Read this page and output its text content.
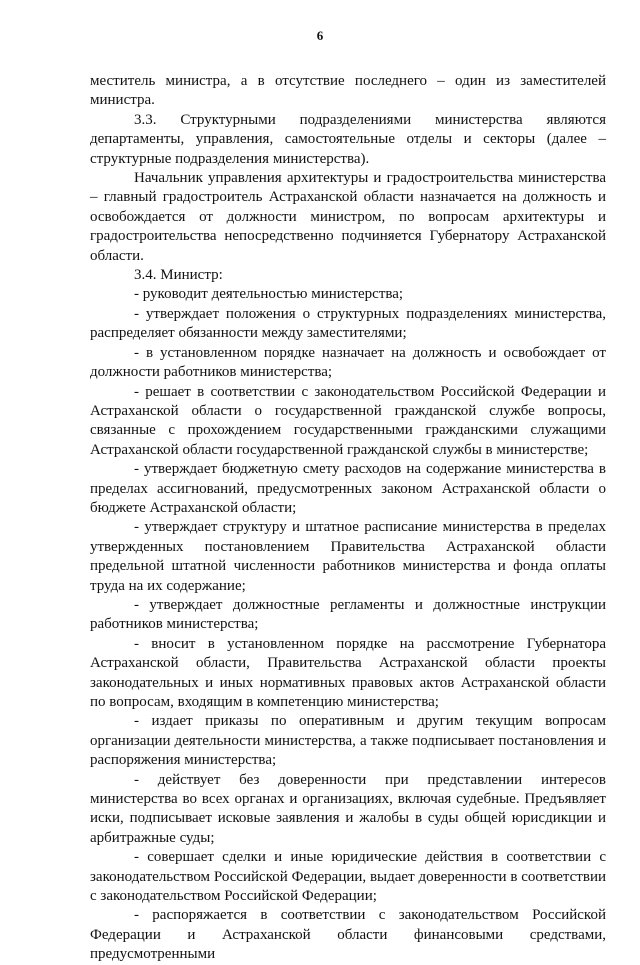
6

меститель министра, а в отсутствие последнего – один из заместителей министра.

3.3. Структурными подразделениями министерства являются департаменты, управления, самостоятельные отделы и секторы (далее – структурные подразделения министерства).

Начальник управления архитектуры и градостроительства министерства – главный градостроитель Астраханской области назначается на должность и освобождается от должности министром, по вопросам архитектуры и градостроительства непосредственно подчиняется Губернатору Астраханской области.

3.4. Министр:

- руководит деятельностью министерства;

- утверждает положения о структурных подразделениях министерства, распределяет обязанности между заместителями;

- в установленном порядке назначает на должность и освобождает от должности работников министерства;

- решает в соответствии с законодательством Российской Федерации и Астраханской области о государственной гражданской службе вопросы, связанные с прохождением государственными гражданскими служащими Астраханской области государственной гражданской службы в министерстве;

- утверждает бюджетную смету расходов на содержание министерства в пределах ассигнований, предусмотренных законом Астраханской области о бюджете Астраханской области;

- утверждает структуру и штатное расписание министерства в пределах утвержденных постановлением Правительства Астраханской области предельной штатной численности работников министерства и фонда оплаты труда на их содержание;

- утверждает должностные регламенты и должностные инструкции работников министерства;

- вносит в установленном порядке на рассмотрение Губернатора Астраханской области, Правительства Астраханской области проекты законодательных и иных нормативных правовых актов Астраханской области по вопросам, входящим в компетенцию министерства;

- издает приказы по оперативным и другим текущим вопросам организации деятельности министерства, а также подписывает постановления и распоряжения министерства;

- действует без доверенности при представлении интересов министерства во всех органах и организациях, включая судебные. Предъявляет иски, подписывает исковые заявления и жалобы в суды общей юрисдикции и арбитражные суды;

- совершает сделки и иные юридические действия в соответствии с законодательством Российской Федерации, выдает доверенности в соответствии с законодательством Российской Федерации;

- распоряжается в соответствии с законодательством Российской Федерации и Астраханской области финансовыми средствами, предусмотренными
